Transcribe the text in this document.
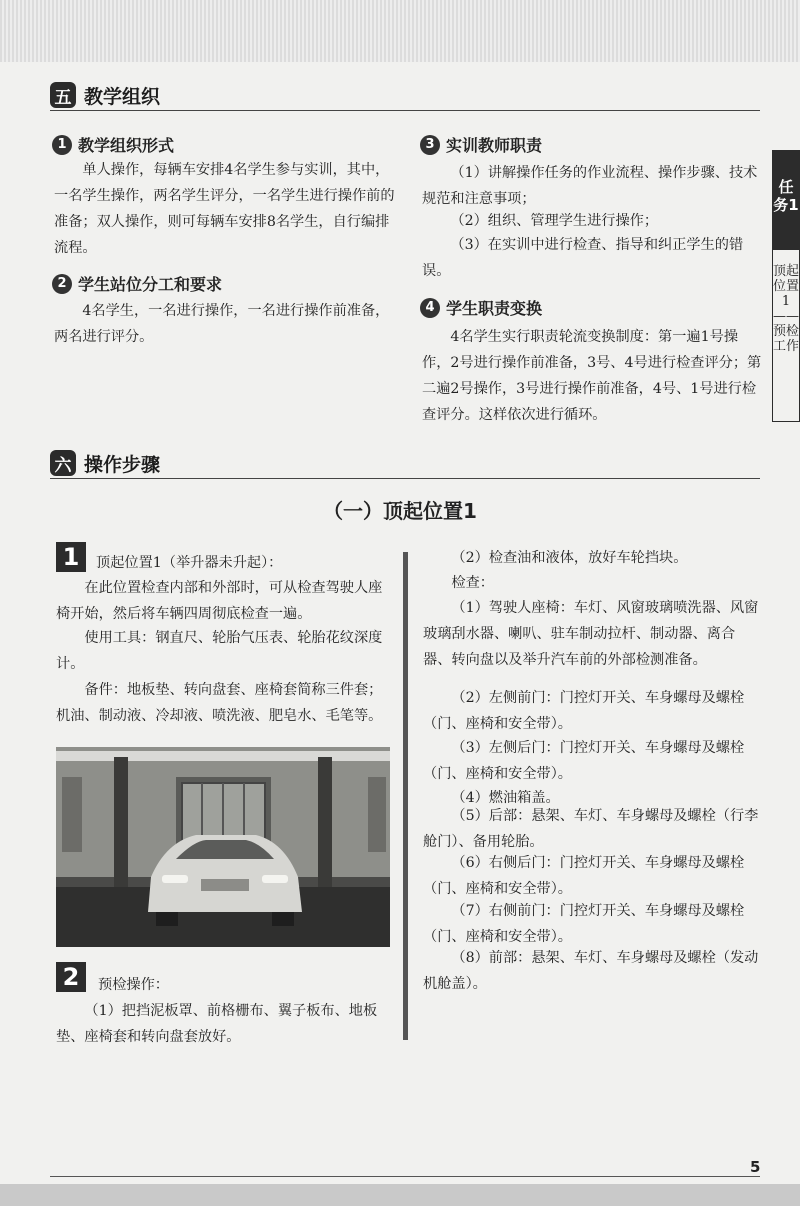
五 教学组织
1 教学组织形式

单人操作，每辆车安排4名学生参与实训，其中，一名学生操作，两名学生评分，一名学生进行操作前的准备；双人操作，则可每辆车安排8名学生，自行编排流程。

2 学生站位分工和要求

4名学生，一名进行操作，一名进行操作前准备，两名进行评分。

3 实训教师职责

（1）讲解操作任务的作业流程、操作步骤、技术规范和注意事项；

（2）组织、管理学生进行操作；

（3）在实训中进行检查、指导和纠正学生的错误。

4 学生职责变换

4名学生实行职责轮流变换制度：第一遍1号操作，2号进行操作前准备，3号、4号进行检查评分；第二遍2号操作，3号进行操作前准备，4号、1号进行检查评分。这样依次进行循环。

任务1
顶起位置1——预检工作
六 操作步骤
（一）顶起位置1
1	顶起位置1（举升器未升起）：

在此位置检查内部和外部时，可从检查驾驶人座椅开始，然后将车辆四周彻底检查一遍。

使用工具：钢直尺、轮胎气压表、轮胎花纹深度计。

备件：地板垫、转向盘套、座椅套简称三件套；机油、制动液、冷却液、喷洗液、肥皂水、毛笔等。

2	预检操作：

（1）把挡泥板罩、前格栅布、翼子板布、地板垫、座椅套和转向盘套放好。

（2）检查油和液体，放好车轮挡块。

检查：

（1）驾驶人座椅：车灯、风窗玻璃喷洗器、风窗玻璃刮水器、喇叭、驻车制动拉杆、制动器、离合器、转向盘以及举升汽车前的外部检测准备。

（2）左侧前门：门控灯开关、车身螺母及螺栓（门、座椅和安全带）。

（3）左侧后门：门控灯开关、车身螺母及螺栓（门、座椅和安全带）。

（4）燃油箱盖。

（5）后部：悬架、车灯、车身螺母及螺栓（行李舱门）、备用轮胎。

（6）右侧后门：门控灯开关、车身螺母及螺栓（门、座椅和安全带）。

（7）右侧前门：门控灯开关、车身螺母及螺栓（门、座椅和安全带）。

（8）前部：悬架、车灯、车身螺母及螺栓（发动机舱盖）。

5
